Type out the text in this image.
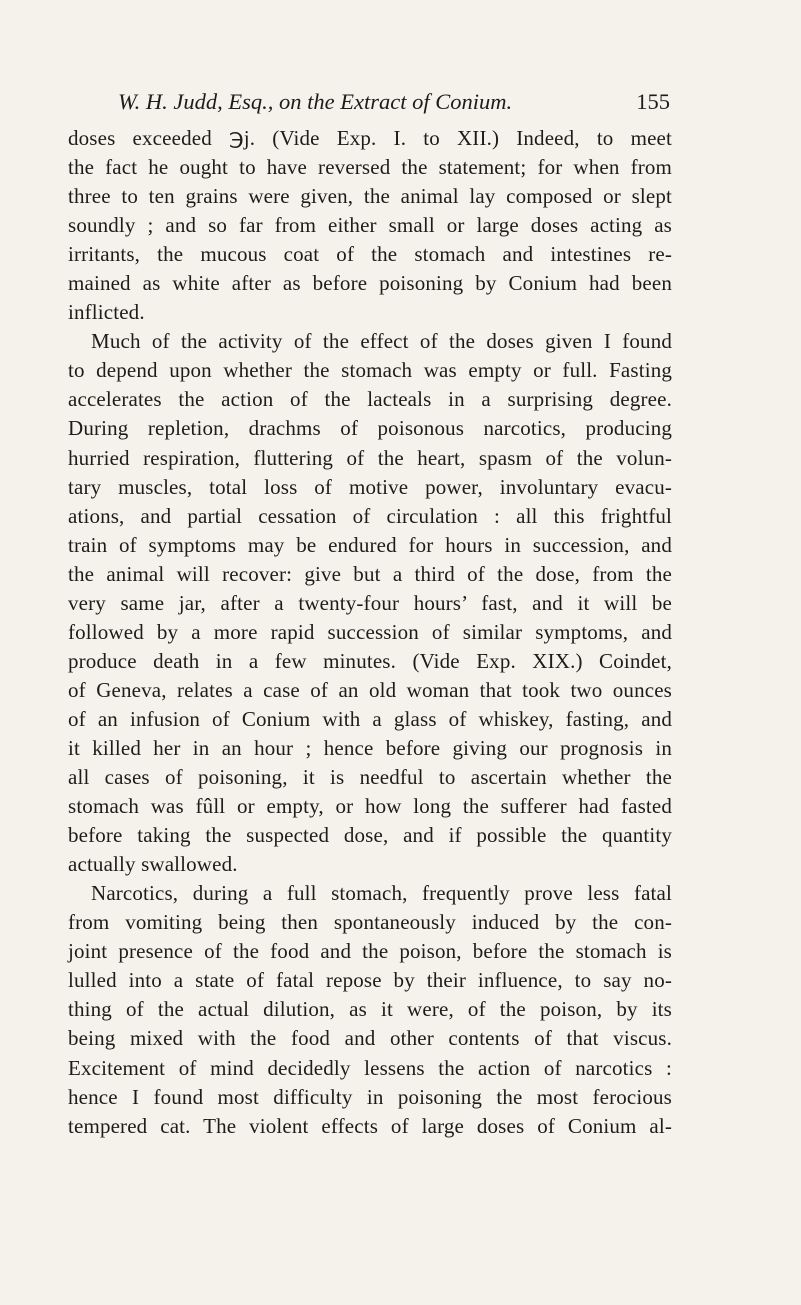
W. H. Judd, Esq., on the Extract of Conium.	155
doses exceeded ℈j. (Vide Exp. I. to XII.) Indeed, to meet
the fact he ought to have reversed the statement; for when from
three to ten grains were given, the animal lay composed or slept
soundly ; and so far from either small or large doses acting as
irritants, the mucous coat of the stomach and intestines re-
mained as white after as before poisoning by Conium had been
inflicted.
Much of the activity of the effect of the doses given I found
to depend upon whether the stomach was empty or full. Fasting
accelerates the action of the lacteals in a surprising degree.
During repletion, drachms of poisonous narcotics, producing
hurried respiration, fluttering of the heart, spasm of the volun-
tary muscles, total loss of motive power, involuntary evacu-
ations, and partial cessation of circulation : all this frightful
train of symptoms may be endured for hours in succession, and
the animal will recover: give but a third of the dose, from the
very same jar, after a twenty-four hours’ fast, and it will be
followed by a more rapid succession of similar symptoms, and
produce death in a few minutes. (Vide Exp. XIX.) Coindet,
of Geneva, relates a case of an old woman that took two ounces
of an infusion of Conium with a glass of whiskey, fasting, and
it killed her in an hour ; hence before giving our prognosis in
all cases of poisoning, it is needful to ascertain whether the
stomach was fûll or empty, or how long the sufferer had fasted
before taking the suspected dose, and if possible the quantity
actually swallowed.
Narcotics, during a full stomach, frequently prove less fatal
from vomiting being then spontaneously induced by the con-
joint presence of the food and the poison, before the stomach is
lulled into a state of fatal repose by their influence, to say no-
thing of the actual dilution, as it were, of the poison, by its
being mixed with the food and other contents of that viscus.
Excitement of mind decidedly lessens the action of narcotics :
hence I found most difficulty in poisoning the most ferocious
tempered cat. The violent effects of large doses of Conium al-
